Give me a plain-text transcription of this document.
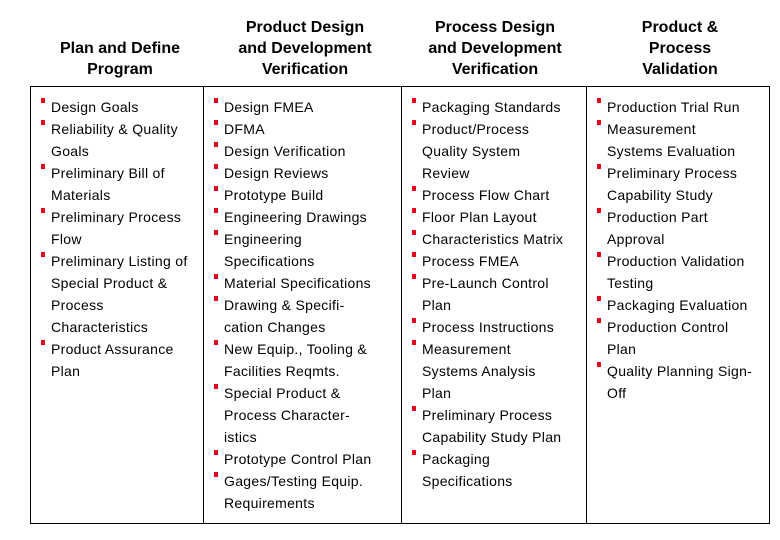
Plan and Define
Program
Product Design
and Development
Verification
Process Design
and Development
Verification
Product &
Process
Validation
Design Goals
Reliability & Quality
Goals
Preliminary Bill of
Materials
Preliminary Process
Flow
Preliminary Listing of
Special Product &
Process
Characteristics
Product Assurance
Plan
Design FMEA
DFMA
Design Verification
Design Reviews
Prototype Build
Engineering Drawings
Engineering
Specifications
Material Specifications
Drawing & Specifi-
cation Changes
New Equip., Tooling &
Facilities Reqmts.
Special Product &
Process Character-
istics
Prototype Control Plan
Gages/Testing Equip.
Requirements
Packaging Standards
Product/Process
Quality System
Review
Process Flow Chart
Floor Plan Layout
Characteristics Matrix
Process FMEA
Pre-Launch Control
Plan
Process Instructions
Measurement
Systems Analysis
Plan
Preliminary Process
Capability Study Plan
Packaging
Specifications
Production Trial Run
Measurement
Systems Evaluation
Preliminary Process
Capability Study
Production Part
Approval
Production Validation
Testing
Packaging Evaluation
Production Control
Plan
Quality Planning Sign-
Off
